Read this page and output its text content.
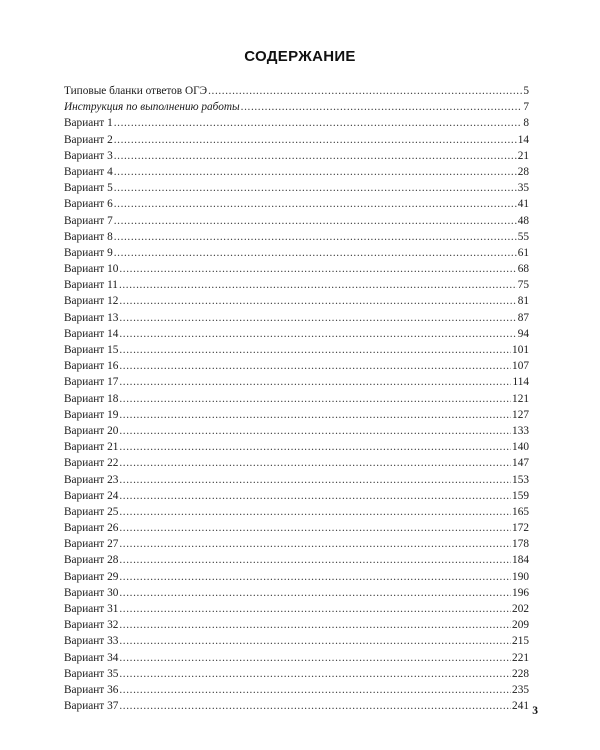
СОДЕРЖАНИЕ
Типовые бланки ответов ОГЭ .....	5
Инструкция по выполнению работы .....	7
Вариант 1 .....	8
Вариант 2 .....	14
Вариант 3 .....	21
Вариант 4 .....	28
Вариант 5 .....	35
Вариант 6 .....	41
Вариант 7 .....	48
Вариант 8 .....	55
Вариант 9 .....	61
Вариант 10 .....	68
Вариант 11 .....	75
Вариант 12 .....	81
Вариант 13 .....	87
Вариант 14 .....	94
Вариант 15 .....	101
Вариант 16 .....	107
Вариант 17 .....	114
Вариант 18 .....	121
Вариант 19 .....	127
Вариант 20 .....	133
Вариант 21 .....	140
Вариант 22 .....	147
Вариант 23 .....	153
Вариант 24 .....	159
Вариант 25 .....	165
Вариант 26 .....	172
Вариант 27 .....	178
Вариант 28 .....	184
Вариант 29 .....	190
Вариант 30 .....	196
Вариант 31 .....	202
Вариант 32 .....	209
Вариант 33 .....	215
Вариант 34 .....	221
Вариант 35 .....	228
Вариант 36 .....	235
Вариант 37 .....	241 3
